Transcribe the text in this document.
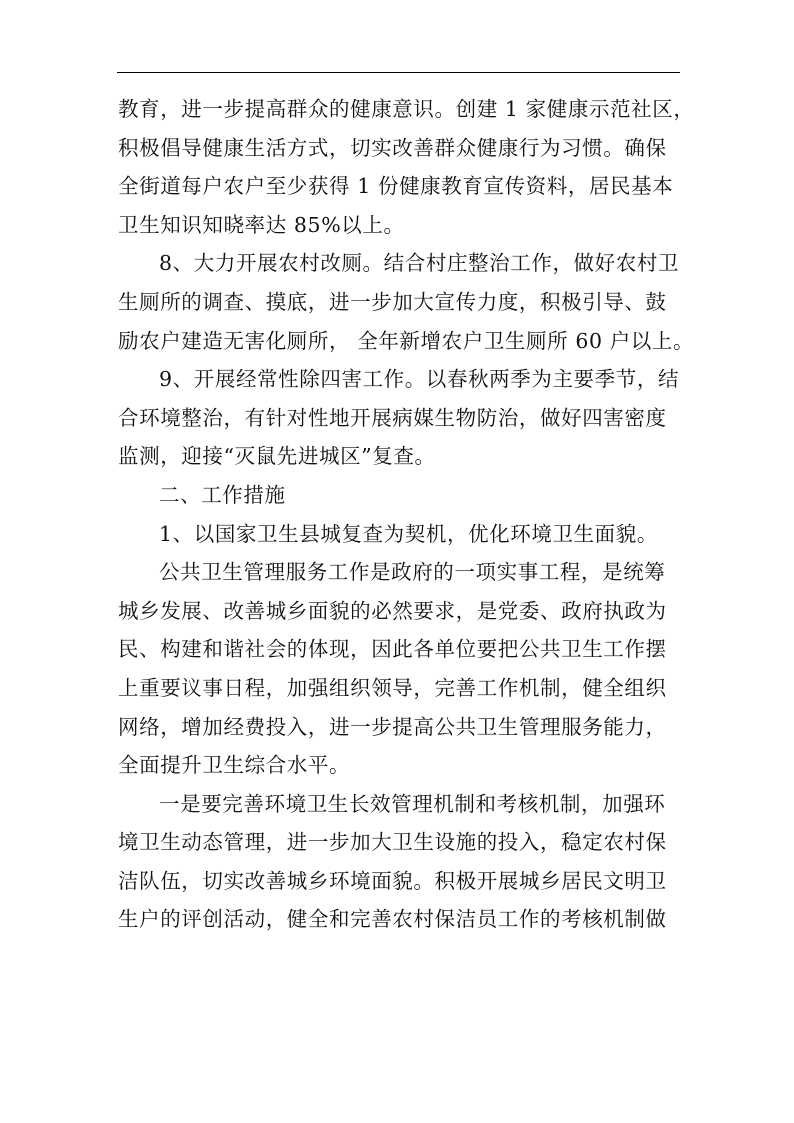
教育，进一步提高群众的健康意识。创建 1 家健康示范社区，
积极倡导健康生活方式，切实改善群众健康行为习惯。确保
全街道每户农户至少获得 1 份健康教育宣传资料，居民基本
卫生知识知晓率达 85%以上。
8、大力开展农村改厕。结合村庄整治工作，做好农村卫
生厕所的调查、摸底，进一步加大宣传力度，积极引导、鼓
励农户建造无害化厕所， 全年新增农户卫生厕所 60 户以上。
9、开展经常性除四害工作。以春秋两季为主要季节，结
合环境整治，有针对性地开展病媒生物防治，做好四害密度
监测，迎接“灭鼠先进城区”复查。
二、工作措施
1、以国家卫生县城复查为契机，优化环境卫生面貌。
公共卫生管理服务工作是政府的一项实事工程，是统筹
城乡发展、改善城乡面貌的必然要求，是党委、政府执政为
民、构建和谐社会的体现，因此各单位要把公共卫生工作摆
上重要议事日程，加强组织领导，完善工作机制，健全组织
网络，增加经费投入，进一步提高公共卫生管理服务能力，
全面提升卫生综合水平。
一是要完善环境卫生长效管理机制和考核机制，加强环
境卫生动态管理，进一步加大卫生设施的投入，稳定农村保
洁队伍，切实改善城乡环境面貌。积极开展城乡居民文明卫
生户的评创活动，健全和完善农村保洁员工作的考核机制做
